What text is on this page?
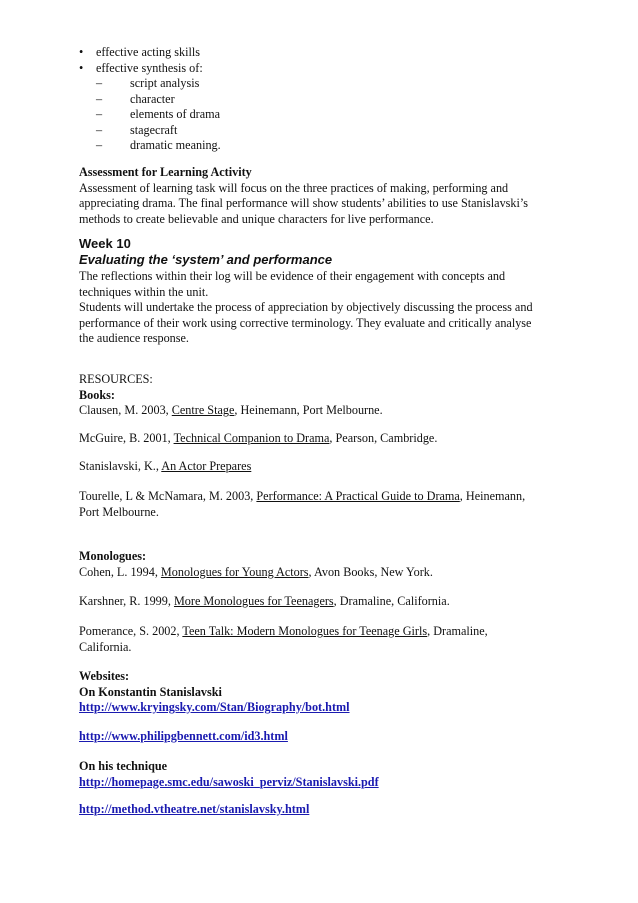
• effective acting skills
• effective synthesis of:
–	script analysis
–	character
–	elements of drama
–	stagecraft
–	dramatic meaning.

Assessment for Learning Activity

Assessment of learning task will focus on the three practices of making, performing and

appreciating drama. The final performance will show students’ abilities to use Stanislavski’s

methods to create believable and unique characters for live performance.

Week 10

Evaluating the ‘system’ and performance

The reflections within their log will be evidence of their engagement with concepts and

techniques within the unit.

Students will undertake the process of appreciation by objectively discussing the process and

performance of their work using corrective terminology. They evaluate and critically analyse

the audience response.

RESOURCES:

Books:

Clausen, M. 2003, Centre Stage, Heinemann, Port Melbourne.

McGuire, B. 2001, Technical Companion to Drama, Pearson, Cambridge.

Stanislavski, K., An Actor Prepares

Tourelle, L & McNamara, M. 2003, Performance: A Practical Guide to Drama, Heinemann,

Port Melbourne.

Monologues:

Cohen, L. 1994, Monologues for Young Actors, Avon Books, New York.

Karshner, R. 1999, More Monologues for Teenagers, Dramaline, California.

Pomerance, S. 2002, Teen Talk: Modern Monologues for Teenage Girls, Dramaline,

California.

Websites:

On Konstantin Stanislavski

http://www.kryingsky.com/Stan/Biography/bot.html

http://www.philipgbennett.com/id3.html

On his technique

http://homepage.smc.edu/sawoski_perviz/Stanislavski.pdf

http://method.vtheatre.net/stanislavsky.html
